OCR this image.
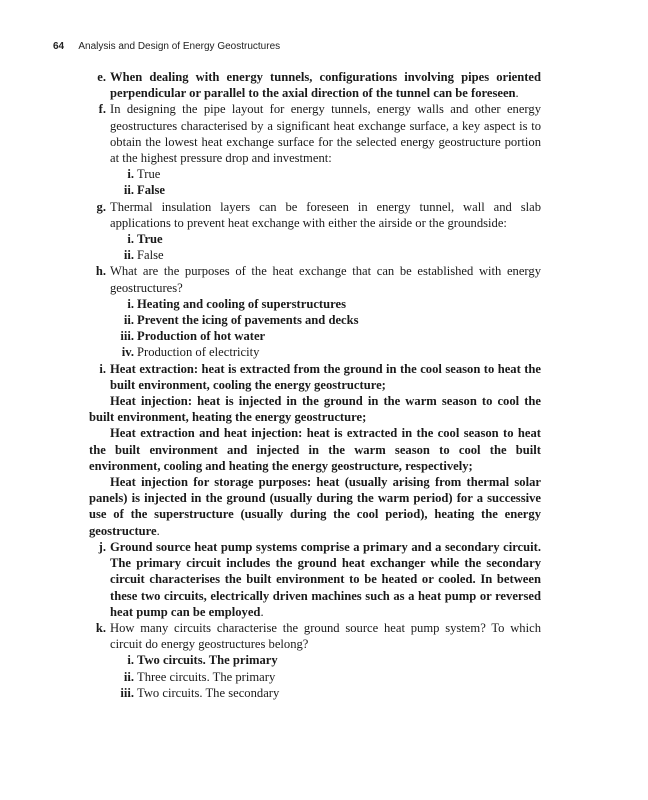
64 Analysis and Design of Energy Geostructures
e. When dealing with energy tunnels, configurations involving pipes oriented perpendicular or parallel to the axial direction of the tunnel can be foreseen.
f. In designing the pipe layout for energy tunnels, energy walls and other energy geostructures characterised by a significant heat exchange surface, a key aspect is to obtain the lowest heat exchange surface for the selected energy geostructure portion at the highest pressure drop and investment:
i. True
ii. False
g. Thermal insulation layers can be foreseen in energy tunnel, wall and slab applications to prevent heat exchange with either the airside or the groundside:
i. True
ii. False
h. What are the purposes of the heat exchange that can be established with energy geostructures?
i. Heating and cooling of superstructures
ii. Prevent the icing of pavements and decks
iii. Production of hot water
iv. Production of electricity
i. Heat extraction: heat is extracted from the ground in the cool season to heat the built environment, cooling the energy geostructure;
Heat injection: heat is injected in the ground in the warm season to cool the built environment, heating the energy geostructure;
Heat extraction and heat injection: heat is extracted in the cool season to heat the built environment and injected in the warm season to cool the built environment, cooling and heating the energy geostructure, respectively;
Heat injection for storage purposes: heat (usually arising from thermal solar panels) is injected in the ground (usually during the warm period) for a successive use of the superstructure (usually during the cool period), heating the energy geostructure.
j. Ground source heat pump systems comprise a primary and a secondary circuit. The primary circuit includes the ground heat exchanger while the secondary circuit characterises the built environment to be heated or cooled. In between these two circuits, electrically driven machines such as a heat pump or reversed heat pump can be employed.
k. How many circuits characterise the ground source heat pump system? To which circuit do energy geostructures belong?
i. Two circuits. The primary
ii. Three circuits. The primary
iii. Two circuits. The secondary
